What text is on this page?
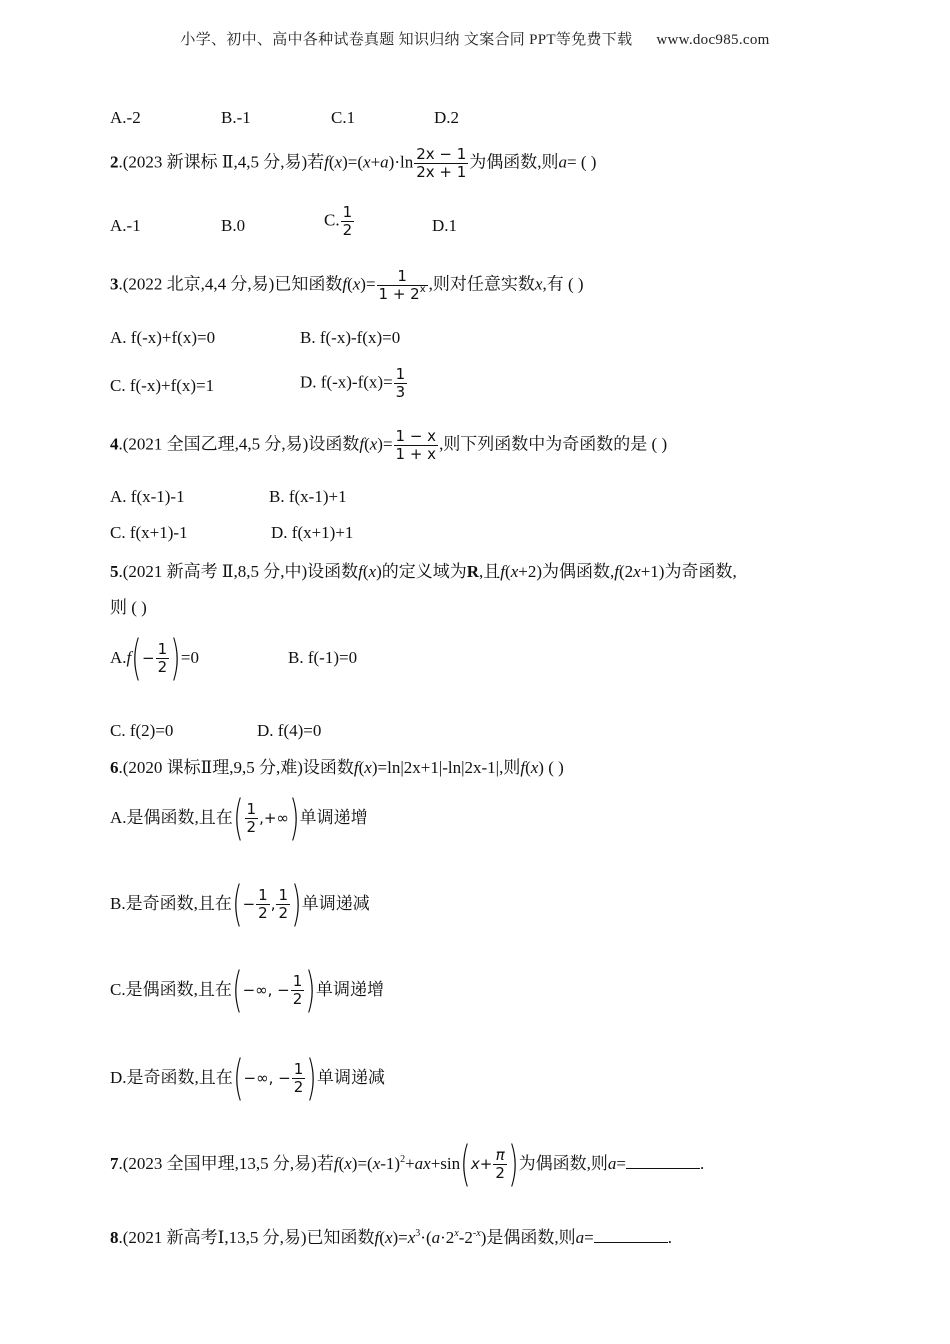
小学、初中、高中各种试卷真题 知识归纳 文案合同 PPT等免费下载 www.doc985.com
A.-2	B.-1	C.1	D.2
2.(2023 新课标 Ⅱ,4,5 分,易)若$f(x)=(x+a)\cdot\ln \frac{2x - 1}{2x + 1}$ 为偶函数,则a= ( )
A.-1	B.0	C. $\frac{1}{2}$	D.1
3.(2022 北京,4,4 分,易)已知函数$f(x)= \frac{1}{1 + 2^x}$ ,则对任意实数x,有 ( )
A. f(-x)+f(x)=0	B. f(-x)-f(x)=0
C. f(-x)+f(x)=1	D. $f(-x)-f(x)= \frac{1}{3}$
4.(2021 全国乙理,4,5 分,易)设函数$f(x)= \frac{1 - x}{1 + x}$ ,则下列函数中为奇函数的是 ( )
A. f(x-1)-1	B. f(x-1)+1
C. f(x+1)-1	D. f(x+1)+1
5.(2021 新高考 Ⅱ,8,5 分,中)设函数f(x)的定义域为R,且f(x+2)为偶函数,f(2x+1)为奇函数,
则 ( )
$A.f(- \frac{1}{2} )=0$	B. f(-1)=0
C. f(2)=0	D. f(4)=0
6.(2020 课标Ⅱ理,9,5 分,难)设函数f(x)=ln|2x+1|-ln|2x-1|,则f(x) ( )
A.是偶函数,且在( $\frac{1}{2}$ ,+∞)单调递增
B.是奇函数,且在(− $\frac{1}{2}$ , $\frac{1}{2}$ )单调递减
C.是偶函数,且在(−∞, − $\frac{1}{2}$ )单调递增
D.是奇函数,且在(−∞, − $\frac{1}{2}$ )单调递减
7.(2023 全国甲理,13,5 分,易)若$f(x)=(x-1)^2+ax+\sin(x+ \frac{\pi}{2}$ )为偶函数,则a=	.
8.(2021 新高考Ⅰ,13,5 分,易)已知函数$f(x)=x^3\cdot(a\cdot 2^x-2^{-x})$是偶函数,则a=	.
